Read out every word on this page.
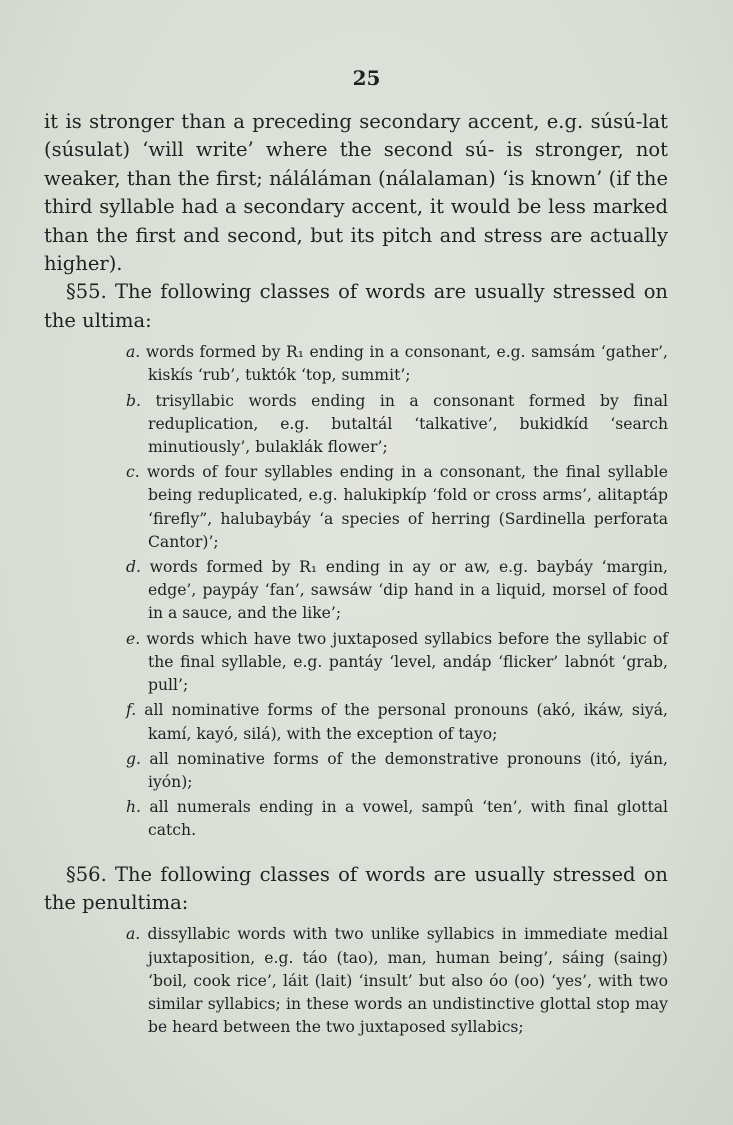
25

it is stronger than a preceding secondary accent, e.g. súsú-lat (súsulat) ‘will write’ where the second sú- is stronger, not weaker, than the first; náláláman (nálalaman) ‘is known’ (if the third syllable had a secondary accent, it would be less marked than the first and second, but its pitch and stress are actually higher).

§55. The following classes of words are usually stressed on the ultima:

a. words formed by R₁ ending in a consonant, e.g. samsám ‘gather’, kiskís ‘rub’, tuktók ‘top, summit’;

b. trisyllabic words ending in a consonant formed by final reduplication, e.g. butaltál ‘talkative’, bukidkíd ‘search minutiously’, bulaklák flower’;

c. words of four syllables ending in a consonant, the final syllable being reduplicated, e.g. halukipkíp ‘fold or cross arms’, alitaptáp ‘firefly”, halubaybáy ‘a species of herring (Sardinella perforata Cantor)’;

d. words formed by R₁ ending in ay or aw, e.g. baybáy ‘margin, edge’, paypáy ‘fan’, sawsáw ‘dip hand in a liquid, morsel of food in a sauce, and the like’;

e. words which have two juxtaposed syllabics before the syllabic of the final syllable, e.g. pantáy ‘level, andáp ‘flicker’ labnót ‘grab, pull’;

f. all nominative forms of the personal pronouns (akó, ikáw, siyá, kamí, kayó, silá), with the exception of tayo;

g. all nominative forms of the demonstrative pronouns (itó, iyán, iyón);

h. all numerals ending in a vowel, sampû ‘ten’, with final glottal catch.

§56. The following classes of words are usually stressed on the penultima:

a. dissyllabic words with two unlike syllabics in immediate medial juxtaposition, e.g. táo (tao), man, human being’, sáing (saing) ‘boil, cook rice’, láit (lait) ‘insult’ but also óo (oo) ‘yes’, with two similar syllabics; in these words an undistinctive glottal stop may be heard between the two juxtaposed syllabics;
